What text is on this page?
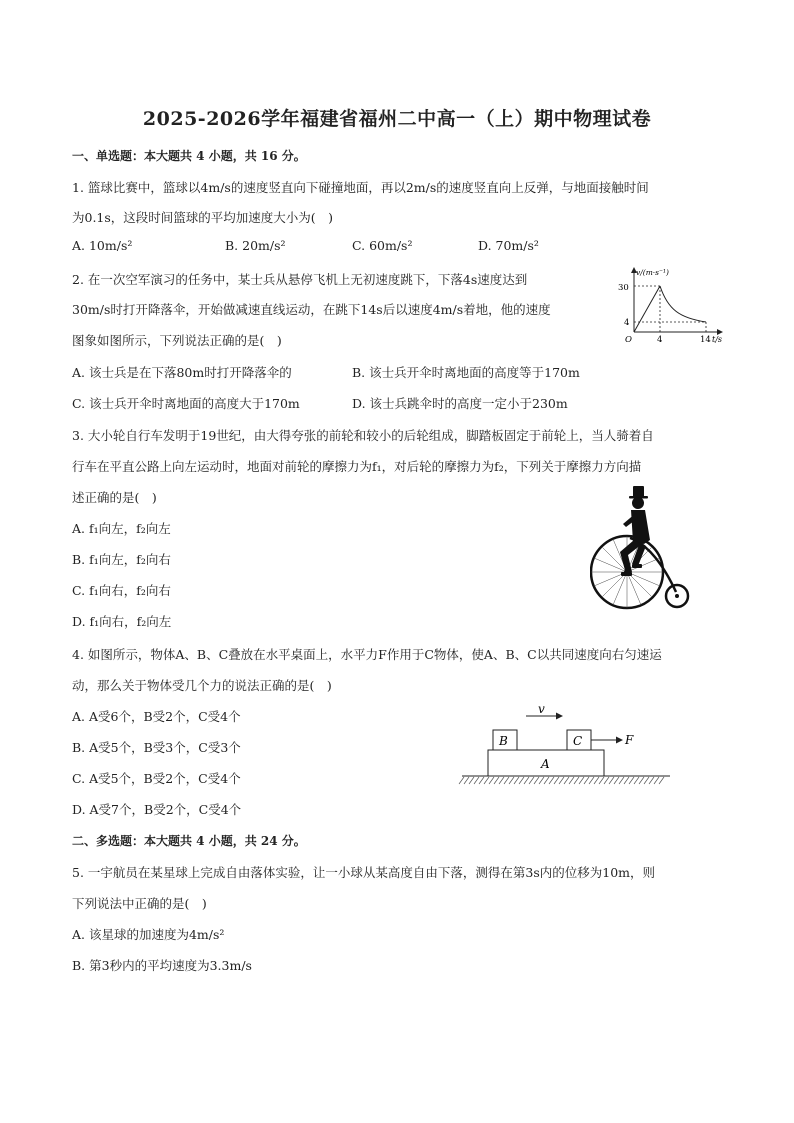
2025-2026学年福建省福州二中高一（上）期中物理试卷
一、单选题：本大题共 4 小题，共 16 分。
1. 篮球比赛中，篮球以4m/s的速度竖直向下碰撞地面，再以2m/s的速度竖直向上反弹，与地面接触时间
为0.1s，这段时间篮球的平均加速度大小为(　)
A. 10m/s²	B. 20m/s²	C. 60m/s²	D. 70m/s²
2. 在一次空军演习的任务中，某士兵从悬停飞机上无初速度跳下，下落4s速度达到
30m/s时打开降落伞，开始做减速直线运动，在跳下14s后以速度4m/s着地，他的速度
图象如图所示，下列说法正确的是(　)
A. 该士兵是在下落80m时打开降落伞的	B. 该士兵开伞时离地面的高度等于170m
C. 该士兵开伞时离地面的高度大于170m	D. 该士兵跳伞时的高度一定小于230m
v/(m·s⁻¹)
30
4
O	4	14 t/s
3. 大小轮自行车发明于19世纪，由大得夸张的前轮和较小的后轮组成，脚踏板固定于前轮上，当人骑着自
行车在平直公路上向左运动时，地面对前轮的摩擦力为f₁，对后轮的摩擦力为f₂，下列关于摩擦力方向描
述正确的是(　)
A. f₁向左，f₂向左
B. f₁向左，f₂向右
C. f₁向右，f₂向右
D. f₁向右，f₂向左
4. 如图所示，物体A、B、C叠放在水平桌面上，水平力F作用于C物体，使A、B、C以共同速度向右匀速运
动，那么关于物体受几个力的说法正确的是(　)
A. A受6个，B受2个，C受4个
B. A受5个，B受3个，C受3个
C. A受5个，B受2个，C受4个
D. A受7个，B受2个，C受4个
v
B	C	F
A
二、多选题：本大题共 4 小题，共 24 分。
5. 一宇航员在某星球上完成自由落体实验，让一小球从某高度自由下落，测得在第3s内的位移为10m，则
下列说法中正确的是(　)
A. 该星球的加速度为4m/s²
B. 第3秒内的平均速度为3.3m/s
